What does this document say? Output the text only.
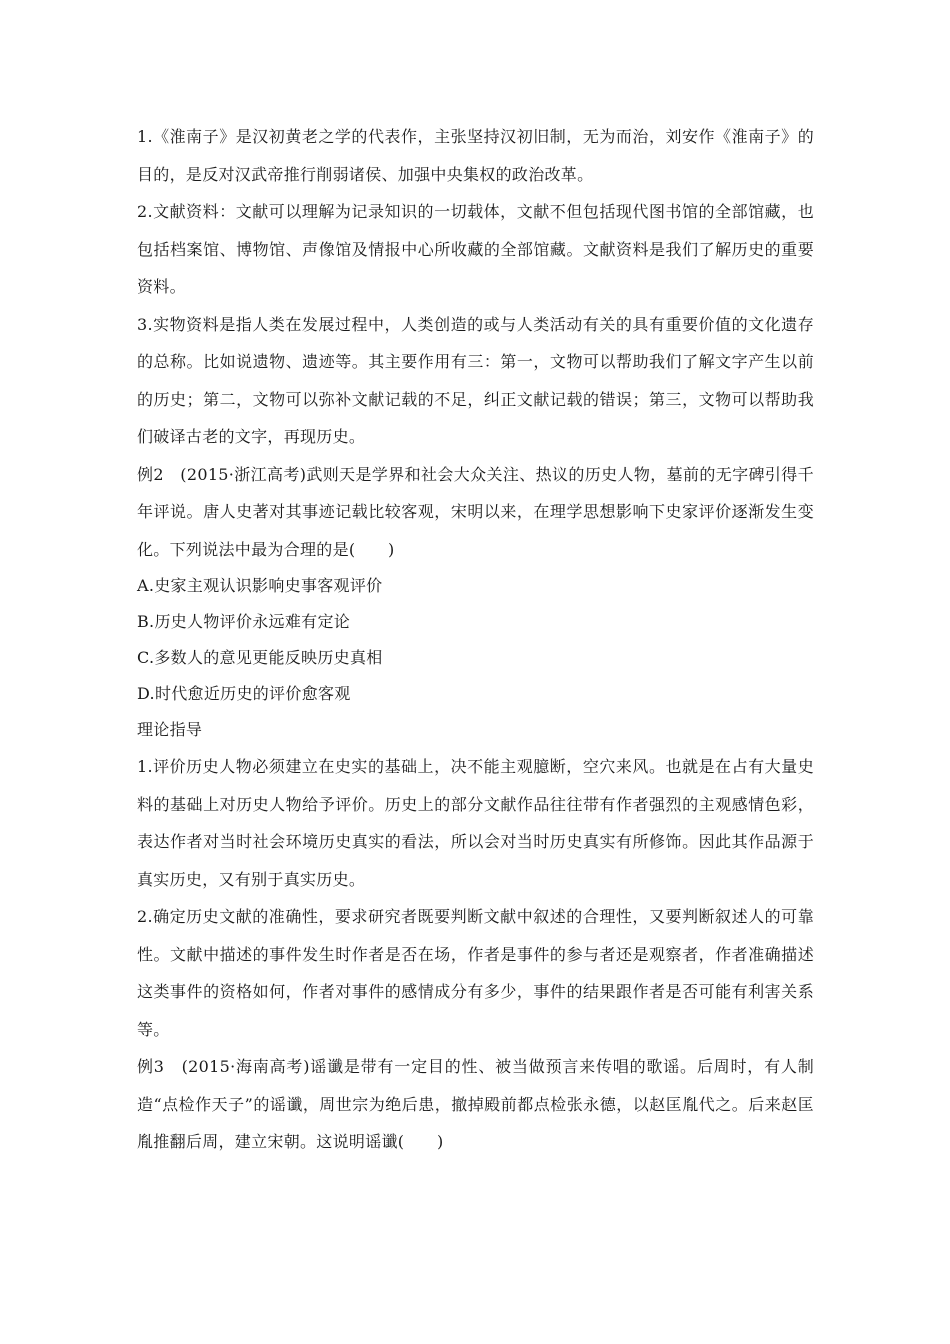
1.《淮南子》是汉初黄老之学的代表作，主张坚持汉初旧制，无为而治，刘安作《淮南子》的目的，是反对汉武帝推行削弱诸侯、加强中央集权的政治改革。

2.文献资料：文献可以理解为记录知识的一切载体，文献不但包括现代图书馆的全部馆藏，也包括档案馆、博物馆、声像馆及情报中心所收藏的全部馆藏。文献资料是我们了解历史的重要资料。

3.实物资料是指人类在发展过程中，人类创造的或与人类活动有关的具有重要价值的文化遗存的总称。比如说遗物、遗迹等。其主要作用有三：第一，文物可以帮助我们了解文字产生以前的历史；第二，文物可以弥补文献记载的不足，纠正文献记载的错误；第三，文物可以帮助我们破译古老的文字，再现历史。

例2　(2015·浙江高考)武则天是学界和社会大众关注、热议的历史人物，墓前的无字碑引得千年评说。唐人史著对其事迹记载比较客观，宋明以来，在理学思想影响下史家评价逐渐发生变化。下列说法中最为合理的是(　　)

A.史家主观认识影响史事客观评价

B.历史人物评价永远难有定论

C.多数人的意见更能反映历史真相

D.时代愈近历史的评价愈客观

理论指导

1.评价历史人物必须建立在史实的基础上，决不能主观臆断，空穴来风。也就是在占有大量史料的基础上对历史人物给予评价。历史上的部分文献作品往往带有作者强烈的主观感情色彩，表达作者对当时社会环境历史真实的看法，所以会对当时历史真实有所修饰。因此其作品源于真实历史，又有别于真实历史。

2.确定历史文献的准确性，要求研究者既要判断文献中叙述的合理性，又要判断叙述人的可靠性。文献中描述的事件发生时作者是否在场，作者是事件的参与者还是观察者，作者准确描述这类事件的资格如何，作者对事件的感情成分有多少，事件的结果跟作者是否可能有利害关系等。

例3　(2015·海南高考)谣谶是带有一定目的性、被当做预言来传唱的歌谣。后周时，有人制造“点检作天子”的谣谶，周世宗为绝后患，撤掉殿前都点检张永德，以赵匡胤代之。后来赵匡胤推翻后周，建立宋朝。这说明谣谶(　　)
